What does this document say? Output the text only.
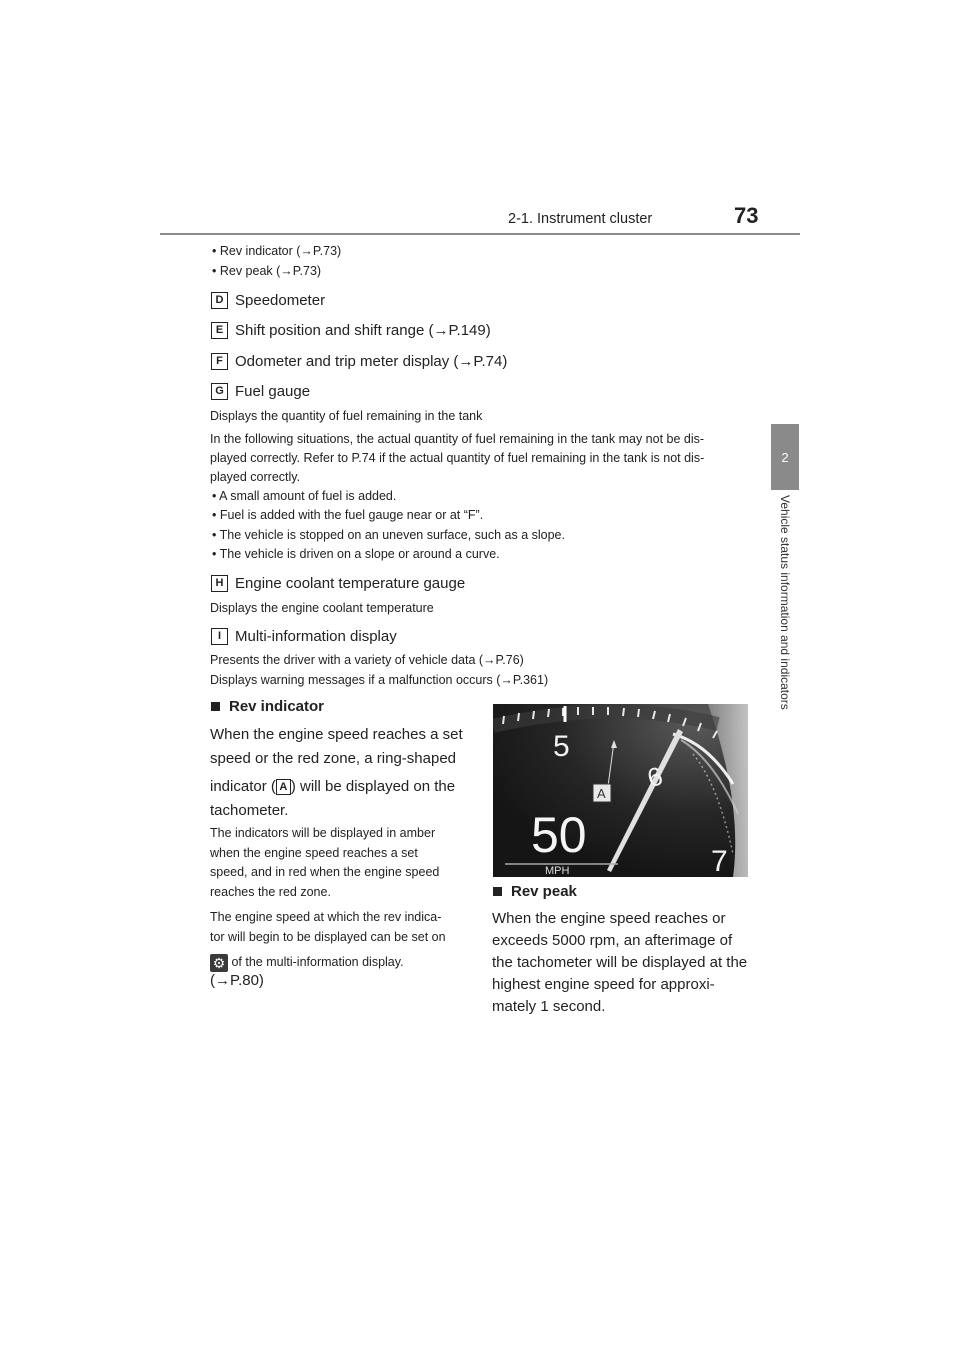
2-1. Instrument cluster	73
2
Vehicle status information and indicators
• Rev indicator (→P.73)
• Rev peak (→P.73)
D Speedometer
E Shift position and shift range (→P.149)
F Odometer and trip meter display (→P.74)
G Fuel gauge
Displays the quantity of fuel remaining in the tank
In the following situations, the actual quantity of fuel remaining in the tank may not be dis-
played correctly. Refer to P.74 if the actual quantity of fuel remaining in the tank is not dis-
played correctly.
• A small amount of fuel is added.
• Fuel is added with the fuel gauge near or at “F”.
• The vehicle is stopped on an uneven surface, such as a slope.
• The vehicle is driven on a slope or around a curve.
H Engine coolant temperature gauge
Displays the engine coolant temperature
I Multi-information display
Presents the driver with a variety of vehicle data (→P.76)
Displays warning messages if a malfunction occurs (→P.361)
Rev indicator
When the engine speed reaches a set
speed or the red zone, a ring-shaped
indicator ( A ) will be displayed on the
tachometer.
The indicators will be displayed in amber
when the engine speed reaches a set
speed, and in red when the engine speed
reaches the red zone.
The engine speed at which the rev indica-
tor will begin to be displayed can be set on
⚙ of the multi-information display.
(→P.80)
5
6
7
50
MPH
A
Rev peak
When the engine speed reaches or
exceeds 5000 rpm, an afterimage of
the tachometer will be displayed at the
highest engine speed for approxi-
mately 1 second.
